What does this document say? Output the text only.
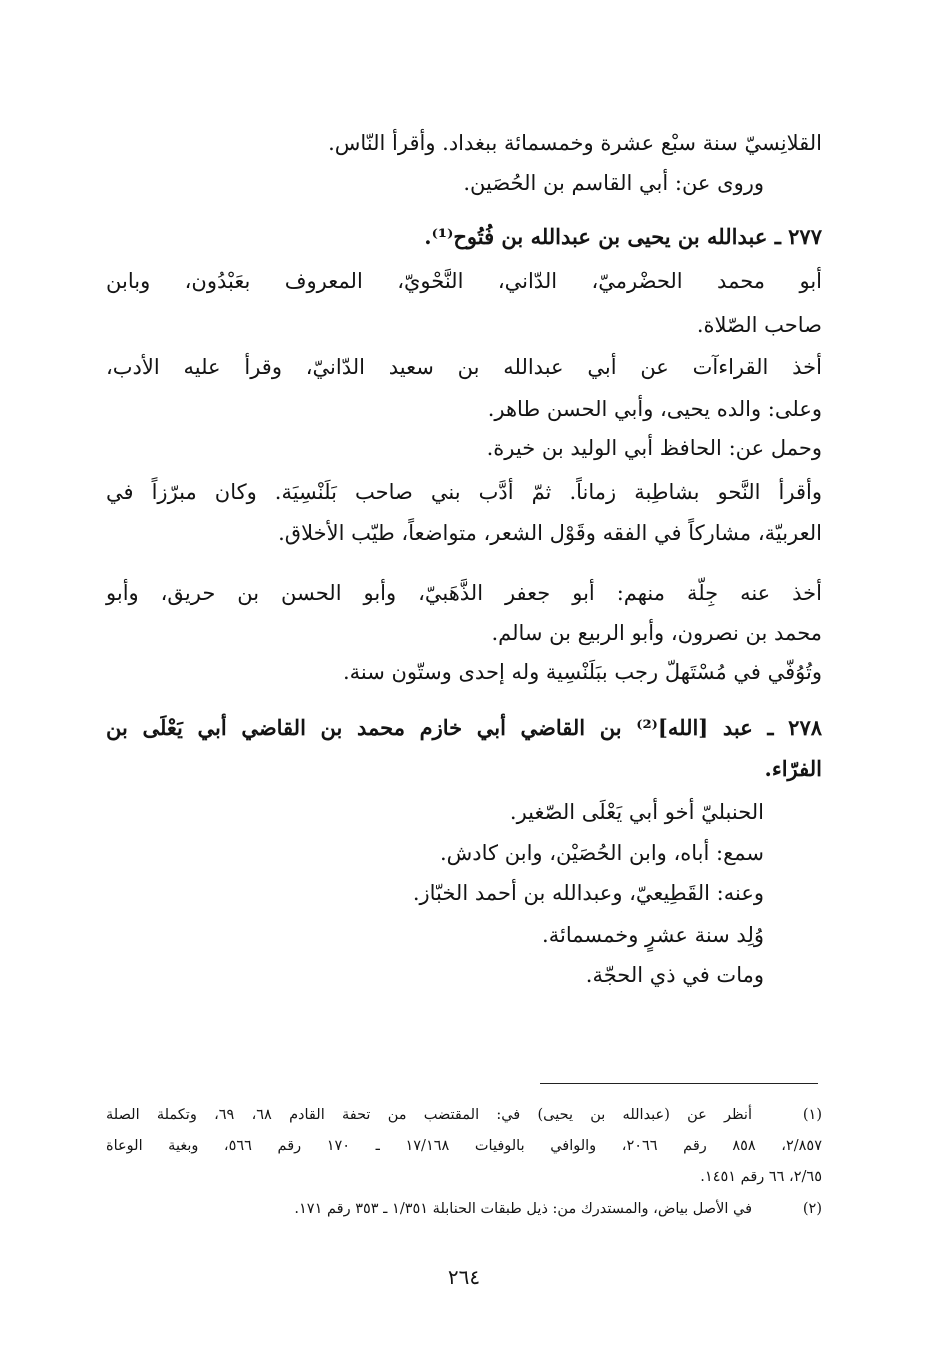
القلانِسيّ سنة سبْع عشرة وخمسمائة ببغداد. وأقرأ النّاس.
وروى عن: أبي القاسم بن الحُصَين.
٢٧٧ ـ عبدالله بن يحيى بن عبدالله بن فُتُوح⁽¹⁾.
أبو محمد الحضْرميّ، الدّاني، النَّحْويّ، المعروف بعَبْدُون، وبابن
صاحب الصّلاة.
أخذ القراءآت عن أبي عبدالله بن سعيد الدّانيّ، وقرأ عليه الأدب،
وعلى: والده يحيى، وأبي الحسن طاهر.
وحمل عن: الحافظ أبي الوليد بن خيرة.
وأقرأ النَّحو بشاطِبة زماناً. ثمّ أدَّب بني صاحب بَلَنْسِيَة. وكان مبرّزاً في
العربيّة، مشاركاً في الفقه وقَوْل الشعر، متواضعاً، طيّب الأخلاق.
أخذ عنه جِلّة منهم: أبو جعفر الذَّهَبيّ، وأبو الحسن بن حريق، وأبو
محمد بن نصرون، وأبو الربيع بن سالم.
وتُوُفّي في مُسْتَهلّ رجب ببَلَنْسِية وله إحدى وستّون سنة.
٢٧٨ ـ عبد [الله]⁽²⁾ بن القاضي أبي خازم محمد بن القاضي أبي يَعْلَى بن
الفرّاء.
الحنبليّ أخو أبي يَعْلَى الصّغير.
سمع: أباه، وابن الحُصَيْن، وابن كادش.
وعنه: القَطِيعيّ، وعبدالله بن أحمد الخبّاز.
وُلِد سنة عشرٍ وخمسمائة.
ومات في ذي الحجّة.
(١)
أنظر عن (عبدالله بن يحيى) في: المقتضب من تحفة القادم ٦٨، ٦٩، وتكملة الصلة
٢/٨٥٧، ٨٥٨ رقم ٢٠٦٦، والوافي بالوفيات ١٧/١٦٨ ـ ١٧٠ رقم ٥٦٦، وبغية الوعاة
٢/٦٥، ٦٦ رقم ١٤٥١.
(٢)
في الأصل بياض، والمستدرك من: ذيل طبقات الحنابلة ١/٣٥١ ـ ٣٥٣ رقم ١٧١.
٢٦٤
